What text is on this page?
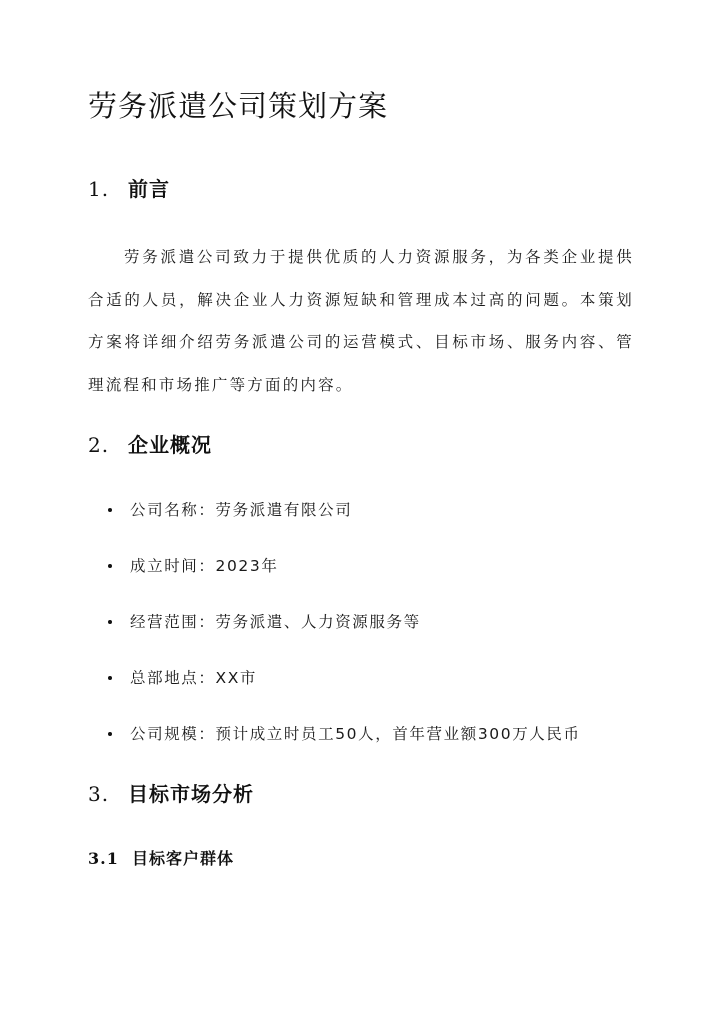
劳务派遣公司策划方案
1. 前言

劳务派遣公司致力于提供优质的人力资源服务，为各类企业提供合适的人员，解决企业人力资源短缺和管理成本过高的问题。本策划方案将详细介绍劳务派遣公司的运营模式、目标市场、服务内容、管理流程和市场推广等方面的内容。

2. 企业概况
公司名称：劳务派遣有限公司
成立时间：2023年
经营范围：劳务派遣、人力资源服务等
总部地点：XX市
公司规模：预计成立时员工50人，首年营业额300万人民币
3. 目标市场分析
3.1 目标客户群体
